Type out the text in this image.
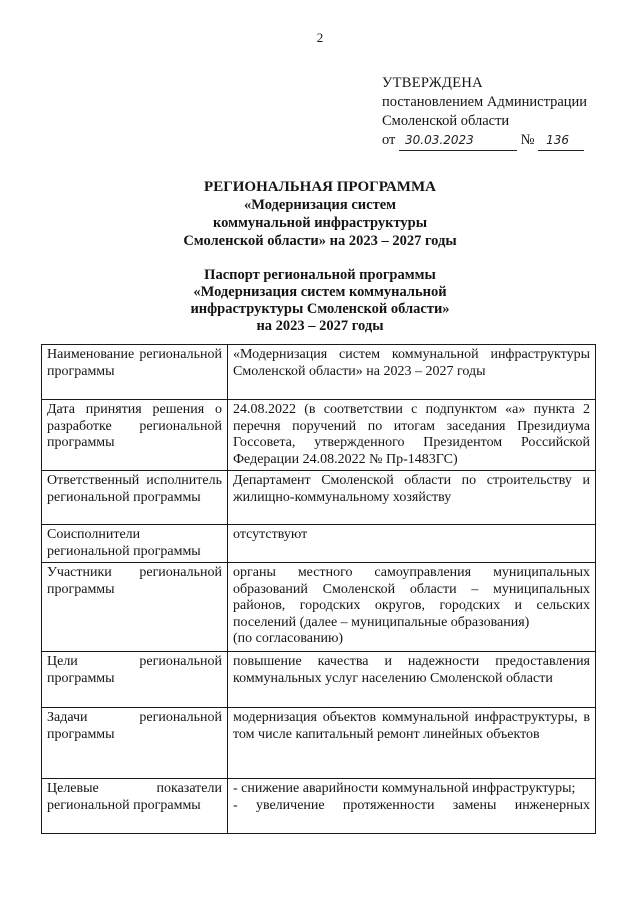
2
УТВЕРЖДЕНА
постановлением Администрации
Смоленской области
от 30.03.2023	№ 136
РЕГИОНАЛЬНАЯ ПРОГРАММА
«Модернизация систем
коммунальной инфраструктуры
Смоленской области» на 2023 – 2027 годы
Паспорт региональной программы
«Модернизация систем коммунальной
инфраструктуры Смоленской области»
на 2023 – 2027 годы
Наименование региональной программы	«Модернизация систем коммунальной инфраструктуры Смоленской области» на 2023 – 2027 годы
Дата принятия решения о разработке региональной программы	24.08.2022 (в соответствии с подпунктом «а» пункта 2 перечня поручений по итогам заседания Президиума Госсовета, утвержденного Президентом Российской Федерации 24.08.2022 № Пр-1483ГС)
Ответственный исполнитель региональной программы	Департамент Смоленской области по строительству и жилищно-коммунальному хозяйству
Соисполнители региональной программы	отсутствуют
Участники региональной программы	органы местного самоуправления муниципальных образований Смоленской области – муниципальных районов, городских округов, городских и сельских поселений (далее – муниципальные образования)
(по согласованию)

Цели региональной программы	повышение качества и надежности предоставления коммунальных услуг населению Смоленской области
Задачи региональной программы	модернизация объектов коммунальной инфраструктуры, в том числе капитальный ремонт линейных объектов
Целевые показатели региональной программы	- снижение аварийности коммунальной инфраструктуры;
- увеличение протяженности замены инженерных
